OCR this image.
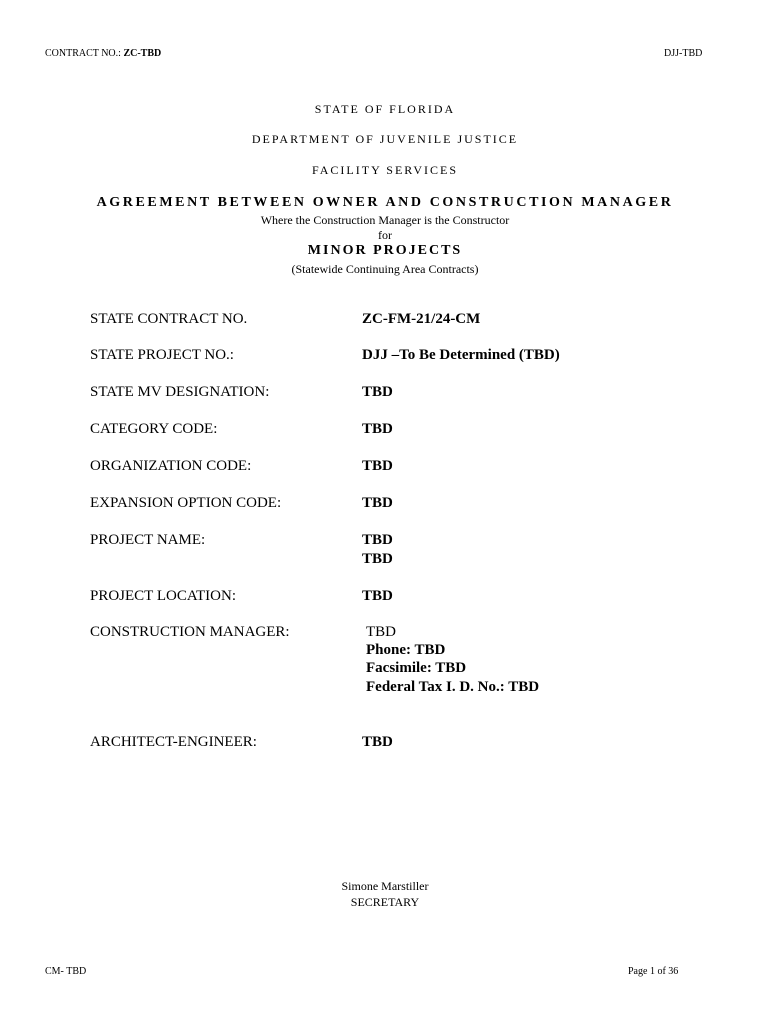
CONTRACT NO.: ZC-TBD	DJJ-TBD
STATE OF FLORIDA
DEPARTMENT OF JUVENILE JUSTICE
FACILITY SERVICES
AGREEMENT BETWEEN OWNER AND CONSTRUCTION MANAGER
Where the Construction Manager is the Constructor
for
MINOR PROJECTS
(Statewide Continuing Area Contracts)
STATE CONTRACT NO.	ZC-FM-21/24-CM
STATE PROJECT NO.:	DJJ –To Be Determined (TBD)
STATE MV DESIGNATION:	TBD
CATEGORY CODE:	TBD
ORGANIZATION CODE:	TBD
EXPANSION OPTION CODE:	TBD
PROJECT NAME:	TBD
TBD
PROJECT LOCATION:	TBD
CONSTRUCTION MANAGER:	TBD
Phone: TBD
Facsimile: TBD
Federal Tax I. D. No.: TBD
ARCHITECT-ENGINEER:	TBD
Simone Marstiller
SECRETARY
CM- TBD	Page 1 of 36
